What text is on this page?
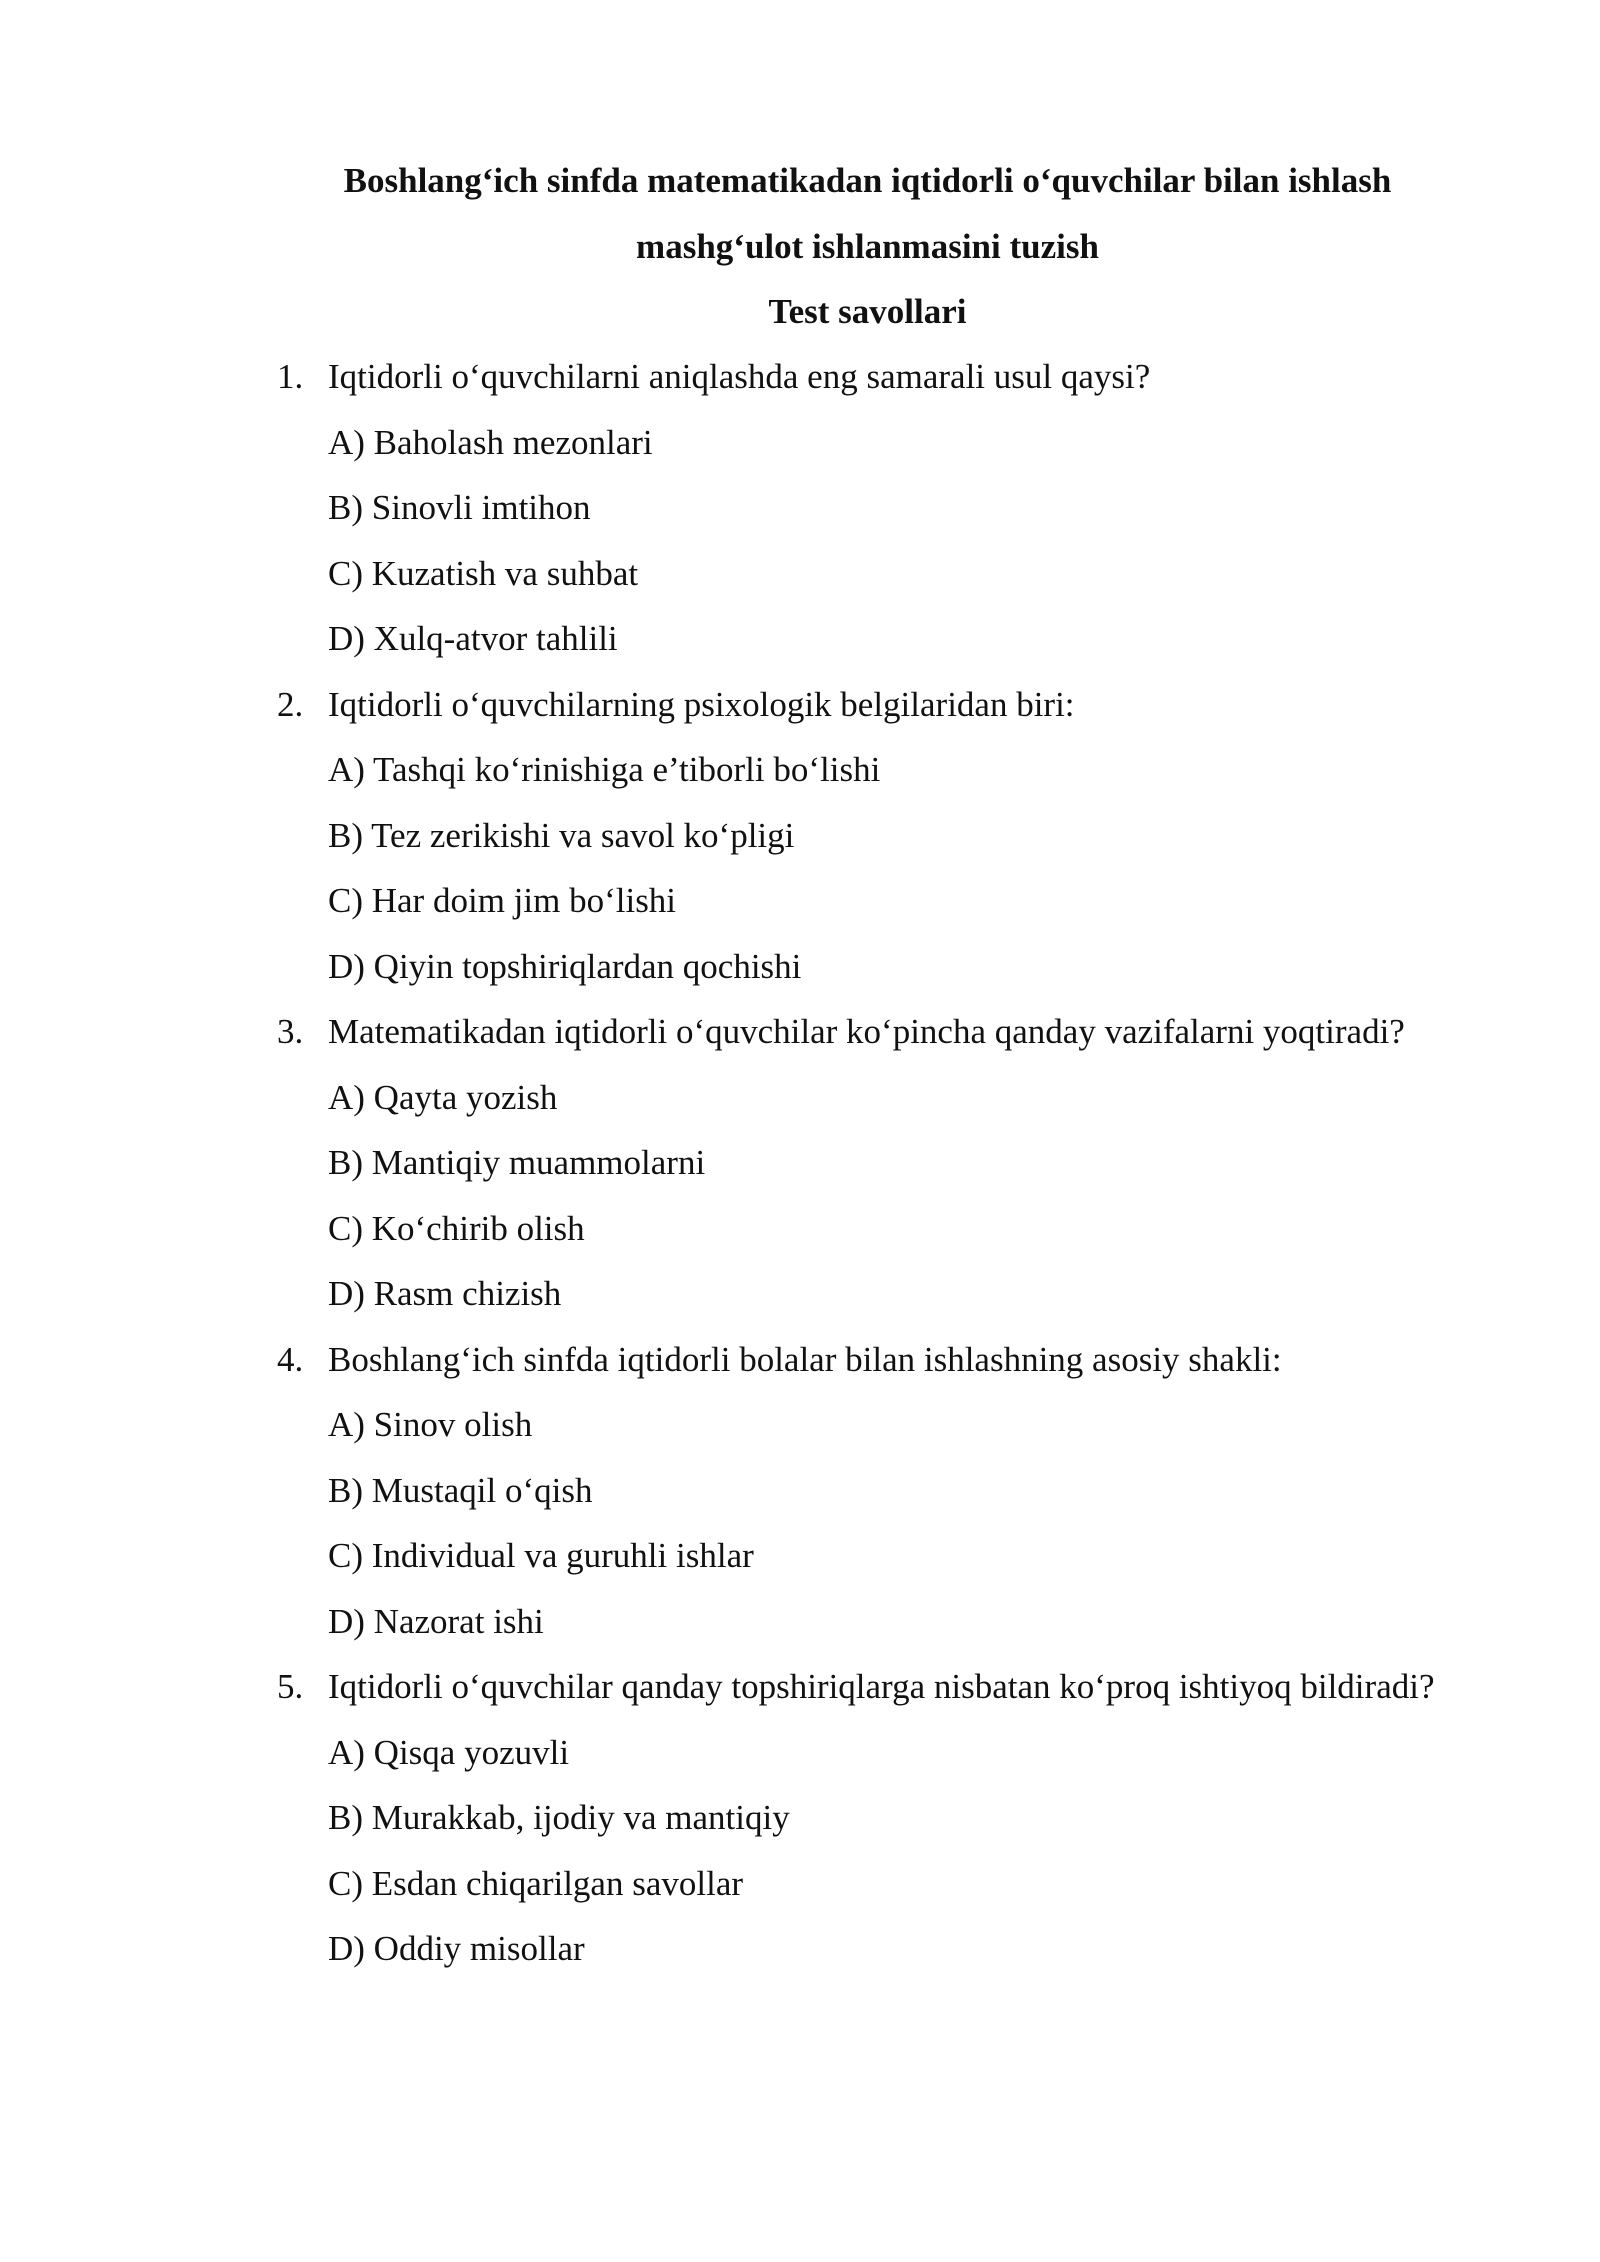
Boshlang‘ich sinfda matematikadan iqtidorli o‘quvchilar bilan ishlash
mashg‘ulot ishlanmasini tuzish
Test savollari
1. Iqtidorli o‘quvchilarni aniqlashda eng samarali usul qaysi?
A) Baholash mezonlari
B) Sinovli imtihon
C) Kuzatish va suhbat
D) Xulq-atvor tahlili
2. Iqtidorli o‘quvchilarning psixologik belgilaridan biri:
A) Tashqi ko‘rinishiga e’tiborli bo‘lishi
B) Tez zerikishi va savol ko‘pligi
C) Har doim jim bo‘lishi
D) Qiyin topshiriqlardan qochishi
3. Matematikadan iqtidorli o‘quvchilar ko‘pincha qanday vazifalarni yoqtiradi?
A) Qayta yozish
B) Mantiqiy muammolarni
C) Ko‘chirib olish
D) Rasm chizish
4. Boshlang‘ich sinfda iqtidorli bolalar bilan ishlashning asosiy shakli:
A) Sinov olish
B) Mustaqil o‘qish
C) Individual va guruhli ishlar
D) Nazorat ishi
5. Iqtidorli o‘quvchilar qanday topshiriqlarga nisbatan ko‘proq ishtiyoq bildiradi?
A) Qisqa yozuvli
B) Murakkab, ijodiy va mantiqiy
C) Esdan chiqarilgan savollar
D) Oddiy misollar
